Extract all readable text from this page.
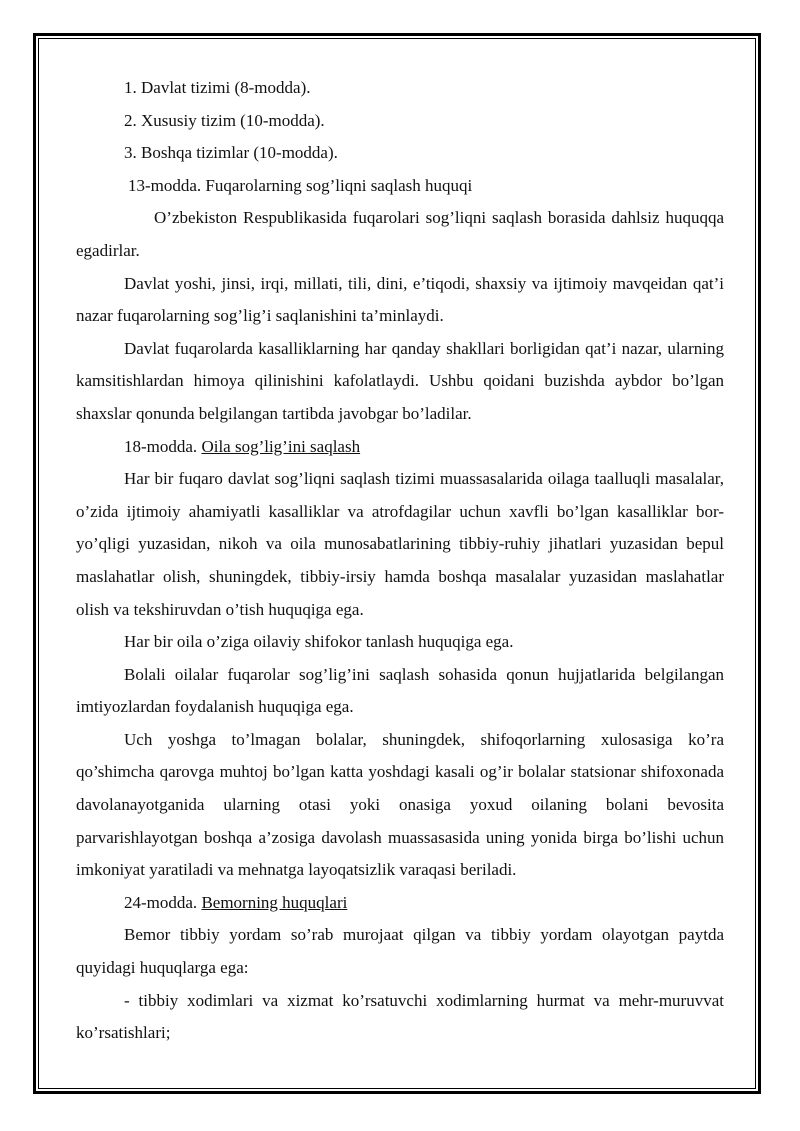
1. Davlat tizimi (8-modda).

2. Xususiy tizim (10-modda).

3. Boshqa tizimlar (10-modda).

13-modda. Fuqarolarning sog’liqni saqlash huquqi

O’zbekiston Respublikasida fuqarolari sog’liqni saqlash borasida dahlsiz huquqqa egadirlar.

Davlat yoshi, jinsi, irqi, millati, tili, dini, e’tiqodi, shaxsiy va ijtimoiy mavqeidan qat’i nazar fuqarolarning sog’lig’i saqlanishini ta’minlaydi.

Davlat fuqarolarda kasalliklarning har qanday shakllari borligidan qat’i nazar, ularning kamsitishlardan himoya qilinishini kafolatlaydi. Ushbu qoidani buzishda aybdor bo’lgan shaxslar qonunda belgilangan tartibda javobgar bo’ladilar.

18-modda. Oila sog’lig’ini saqlash

Har bir fuqaro davlat sog’liqni saqlash tizimi muassasalarida oilaga taalluqli masalalar, o’zida ijtimoiy ahamiyatli kasalliklar va atrofdagilar uchun xavfli bo’lgan kasalliklar bor-yo’qligi yuzasidan, nikoh va oila munosabatlarining tibbiy-ruhiy jihatlari yuzasidan bepul maslahatlar olish, shuningdek, tibbiy-irsiy hamda boshqa masalalar yuzasidan maslahatlar olish va tekshiruvdan o’tish huquqiga ega.

Har bir oila o’ziga oilaviy shifokor tanlash huquqiga ega.

Bolali oilalar fuqarolar sog’lig’ini saqlash sohasida qonun hujjatlarida belgilangan imtiyozlardan foydalanish huquqiga ega.

Uch yoshga to’lmagan bolalar, shuningdek, shifoqorlarning xulosasiga ko’ra qo’shimcha qarovga muhtoj bo’lgan katta yoshdagi kasali og’ir bolalar statsionar shifoxonada davolanayotganida ularning otasi yoki onasiga yoxud oilaning bolani bevosita parvarishlayotgan boshqa a’zosiga davolash muassasasida uning yonida birga bo’lishi uchun imkoniyat yaratiladi va mehnatga layoqatsizlik varaqasi beriladi.

24-modda. Bemorning huquqlari

Bemor tibbiy yordam so’rab murojaat qilgan va tibbiy yordam olayotgan paytda quyidagi huquqlarga ega:

- tibbiy xodimlari va xizmat ko’rsatuvchi xodimlarning hurmat va mehr-muruvvat ko’rsatishlari;
